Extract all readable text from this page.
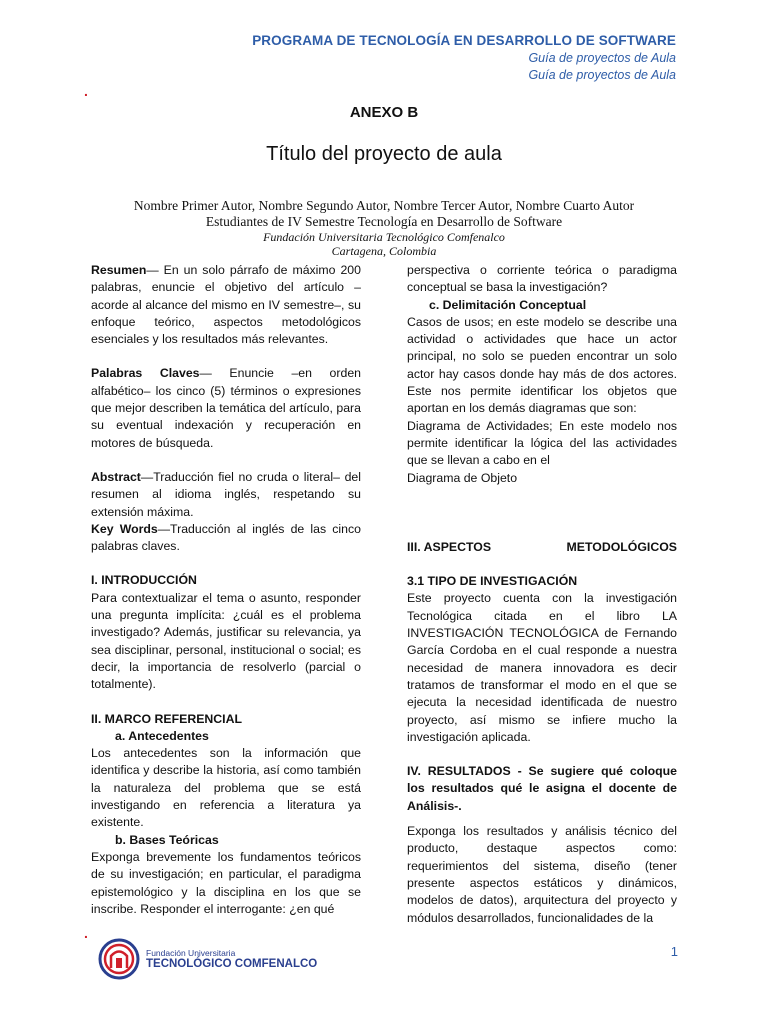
PROGRAMA DE TECNOLOGÍA EN DESARROLLO DE SOFTWARE
Guía de proyectos de Aula
Guía de proyectos de Aula
.
.
ANEXO B
Título del proyecto de aula
Nombre Primer Autor, Nombre Segundo Autor, Nombre Tercer Autor, Nombre Cuarto Autor
Estudiantes de IV Semestre Tecnología en Desarrollo de Software
Fundación Universitaria Tecnológico Comfenalco
Cartagena, Colombia

Resumen— En un solo párrafo de máximo 200 palabras, enuncie el objetivo del artículo – acorde al alcance del mismo en IV semestre–, su enfoque teórico, aspectos metodológicos esenciales y los resultados más relevantes.

Palabras Claves— Enuncie –en orden alfabético– los cinco (5) términos o expresiones que mejor describen la temática del artículo, para su eventual indexación y recuperación en motores de búsqueda.

Abstract—Traducción fiel no cruda o literal– del resumen al idioma inglés, respetando su extensión máxima.

Key Words—Traducción al inglés de las cinco palabras claves.

I. INTRODUCCIÓN

Para contextualizar el tema o asunto, responder una pregunta implícita: ¿cuál es el problema investigado? Además, justificar su relevancia, ya sea disciplinar, personal, institucional o social; es decir, la importancia de resolverlo (parcial o totalmente).

II. MARCO REFERENCIAL

a. Antecedentes

Los antecedentes son la información que identifica y describe la historia, así como también la naturaleza del problema que se está investigando en referencia a literatura ya existente.

b. Bases Teóricas

Exponga brevemente los fundamentos teóricos de su investigación; en particular, el paradigma epistemológico y la disciplina en los que se inscribe. Responder el interrogante: ¿en qué

perspectiva o corriente teórica o paradigma conceptual se basa la investigación?

c. Delimitación Conceptual

Casos de usos; en este modelo se describe una actividad o actividades que hace un actor principal, no solo se pueden encontrar un solo actor hay casos donde hay más de dos actores. Este nos permite identificar los objetos que aportan en los demás diagramas que son:

Diagrama de Actividades; En este modelo nos permite identificar la lógica del las actividades que se llevan a cabo en el

Diagrama de Objeto

III. ASPECTOS	METODOLÓGICOS

3.1 TIPO DE INVESTIGACIÓN

Este proyecto cuenta con la investigación Tecnológica citada en el libro LA INVESTIGACIÓN TECNOLÓGICA de Fernando García Cordoba en el cual responde a nuestra necesidad de manera innovadora es decir tratamos de transformar el modo en el que se ejecuta la necesidad identificada de nuestro proyecto, así mismo se infiere mucho la investigación aplicada.

IV. RESULTADOS - Se sugiere qué coloque los resultados qué le asigna el docente de Análisis-.

Exponga los resultados y análisis técnico del producto, destaque aspectos como: requerimientos del sistema, diseño (tener presente aspectos estáticos y dinámicos, modelos de datos), arquitectura del proyecto y módulos desarrollados, funcionalidades de la

Fundación Universitaria
TECNOLÓGICO COMFENALCO
1
